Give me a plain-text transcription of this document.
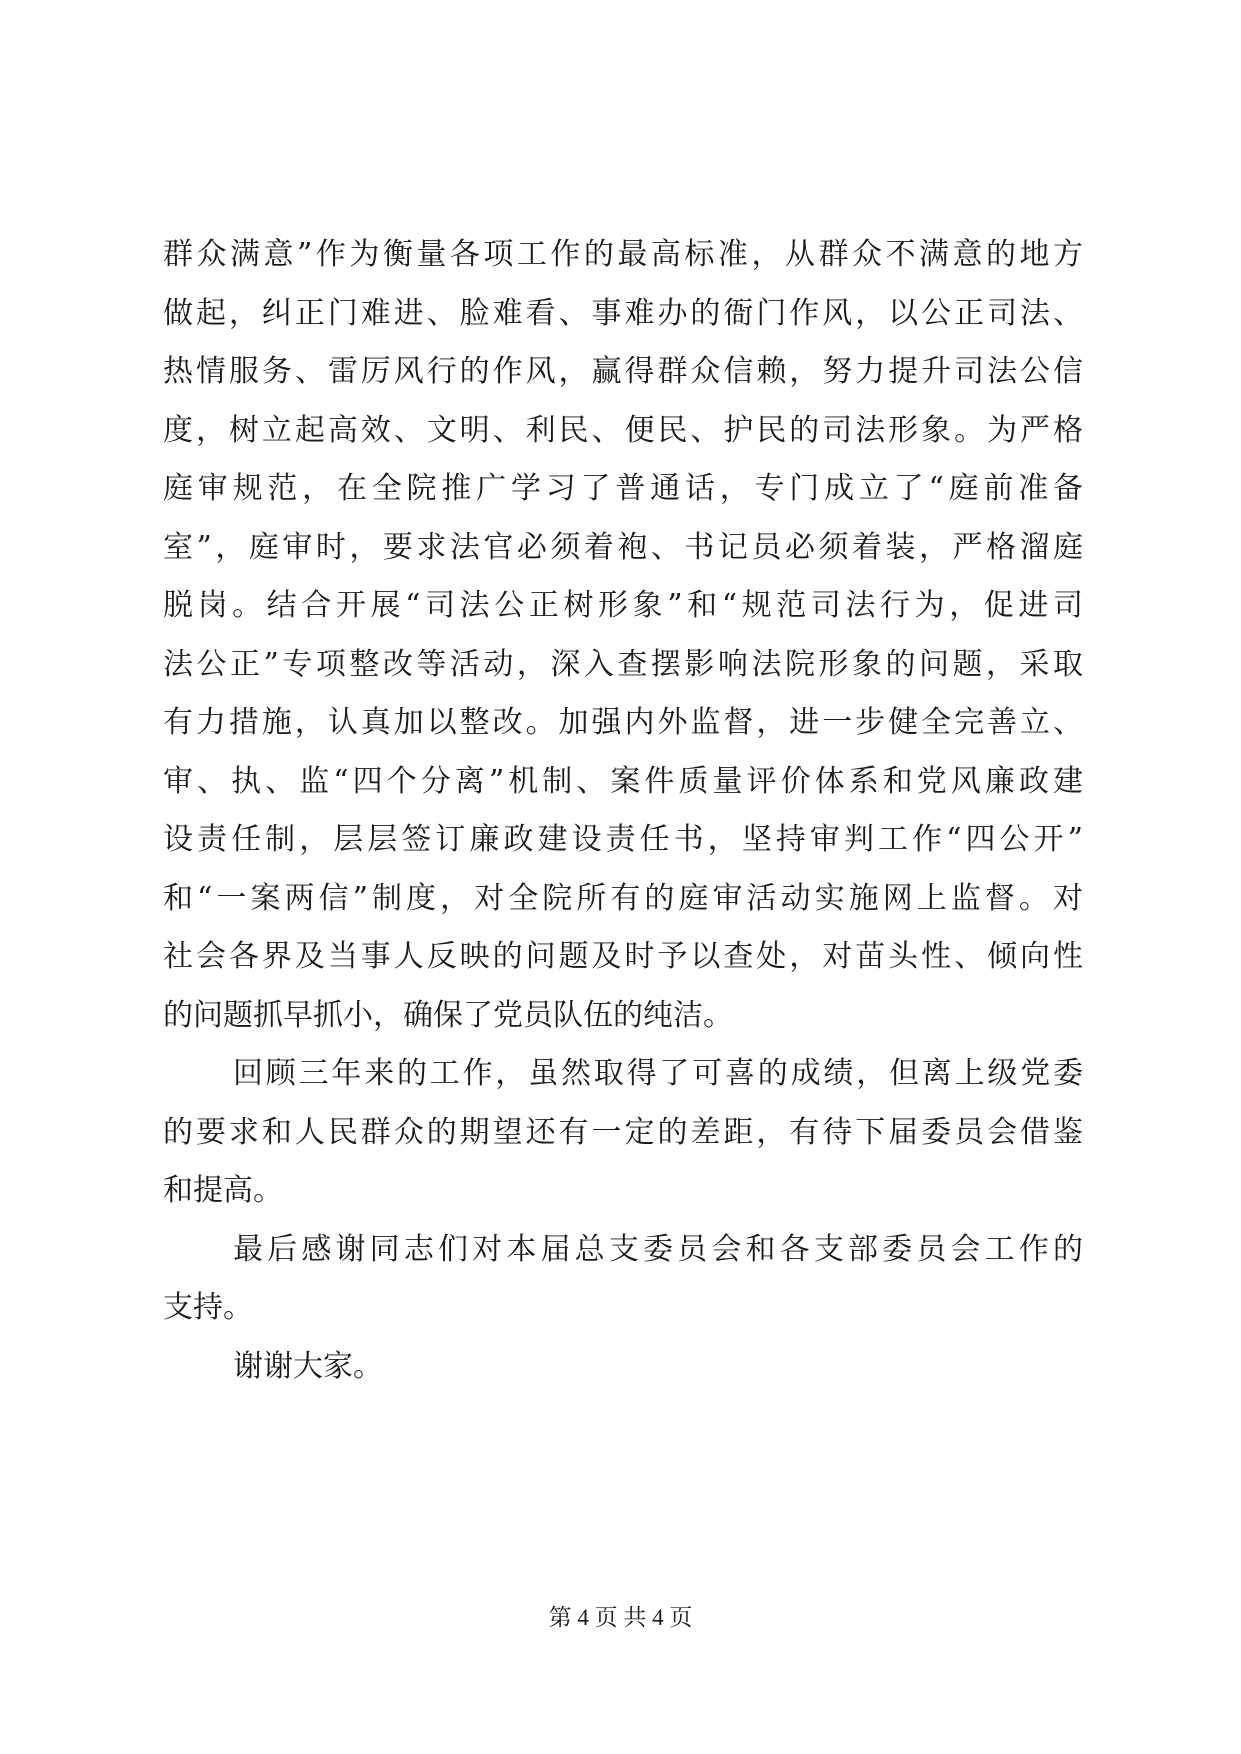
群众满意”作为衡量各项工作的最高标准，从群众不满意的地方
做起，纠正门难进、脸难看、事难办的衙门作风，以公正司法、
热情服务、雷厉风行的作风，赢得群众信赖，努力提升司法公信
度，树立起高效、文明、利民、便民、护民的司法形象。为严格
庭审规范，在全院推广学习了普通话，专门成立了“庭前准备
室”，庭审时，要求法官必须着袍、书记员必须着装，严格溜庭
脱岗。结合开展“司法公正树形象”和“规范司法行为，促进司
法公正”专项整改等活动，深入查摆影响法院形象的问题，采取
有力措施，认真加以整改。加强内外监督，进一步健全完善立、
审、执、监“四个分离”机制、案件质量评价体系和党风廉政建
设责任制，层层签订廉政建设责任书，坚持审判工作“四公开”
和“一案两信”制度，对全院所有的庭审活动实施网上监督。对
社会各界及当事人反映的问题及时予以查处，对苗头性、倾向性
的问题抓早抓小，确保了党员队伍的纯洁。
回顾三年来的工作，虽然取得了可喜的成绩，但离上级党委
的要求和人民群众的期望还有一定的差距，有待下届委员会借鉴
和提高。
最后感谢同志们对本届总支委员会和各支部委员会工作的
支持。
谢谢大家。
第 4 页 共 4 页
